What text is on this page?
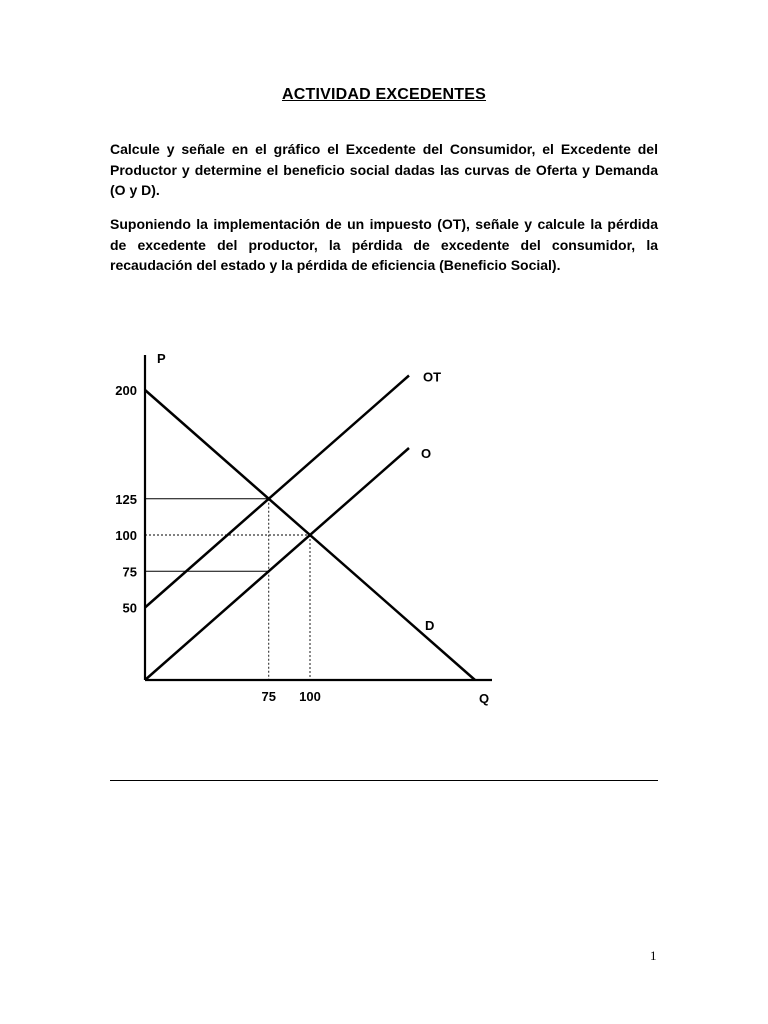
ACTIVIDAD EXCEDENTES

Calcule y señale en el gráfico el Excedente del Consumidor, el Excedente del Productor y determine el beneficio social dadas las curvas de Oferta y Demanda (O y D).

Suponiendo la implementación de un impuesto (OT), señale y calcule la pérdida de excedente del productor, la pérdida de excedente del consumidor, la recaudación del estado y la pérdida de eficiencia (Beneficio Social).

D
O
OT
P
Q
200
125
100
75
50
75 100
1
